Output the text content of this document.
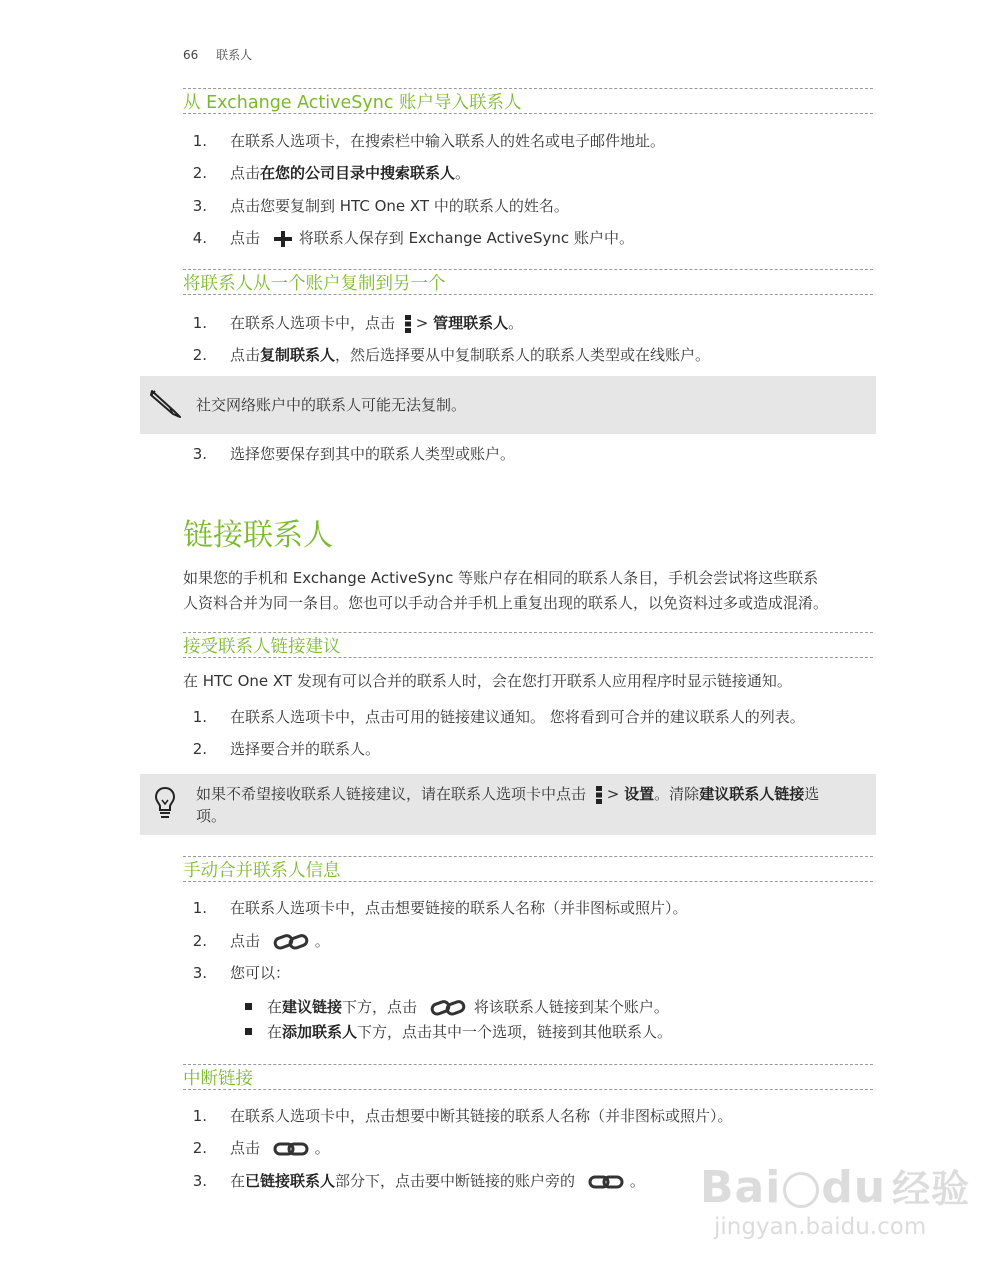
66 联系人
从 Exchange ActiveSync 账户导入联系人
1. 在联系人选项卡，在搜索栏中输入联系人的姓名或电子邮件地址。
2. 点击在您的公司目录中搜索联系人。
3. 点击您要复制到 HTC One XT 中的联系人的姓名。
4. 点击	将联系人保存到 Exchange ActiveSync 账户中。
将联系人从一个账户复制到另一个
1. 在联系人选项卡中，点击 > 管理联系人。
2. 点击复制联系人，然后选择要从中复制联系人的联系人类型或在线账户。
社交网络账户中的联系人可能无法复制。
3. 选择您要保存到其中的联系人类型或账户。
链接联系人
如果您的手机和 Exchange ActiveSync 等账户存在相同的联系人条目，手机会尝试将这些联系
人资料合并为同一条目。您也可以手动合并手机上重复出现的联系人，以免资料过多或造成混淆。
接受联系人链接建议
在 HTC One XT 发现有可以合并的联系人时，会在您打开联系人应用程序时显示链接通知。
1. 在联系人选项卡中，点击可用的链接建议通知。 您将看到可合并的建议联系人的列表。
2. 选择要合并的联系人。
如果不希望接收联系人链接建议，请在联系人选项卡中点击 > 设置。清除建议联系人链接选
项。
手动合并联系人信息
1. 在联系人选项卡中，点击想要链接的联系人名称（并非图标或照片）。
2. 点击	。
3. 您可以：
在建议链接下方，点击	将该联系人链接到某个账户。
在添加联系人下方，点击其中一个选项，链接到其他联系人。
中断链接
1. 在联系人选项卡中，点击想要中断其链接的联系人名称（并非图标或照片）。
2. 点击	。
3. 在已链接联系人部分下，点击要中断链接的账户旁的	。 Bai du 经验
jingyan.baidu.com
